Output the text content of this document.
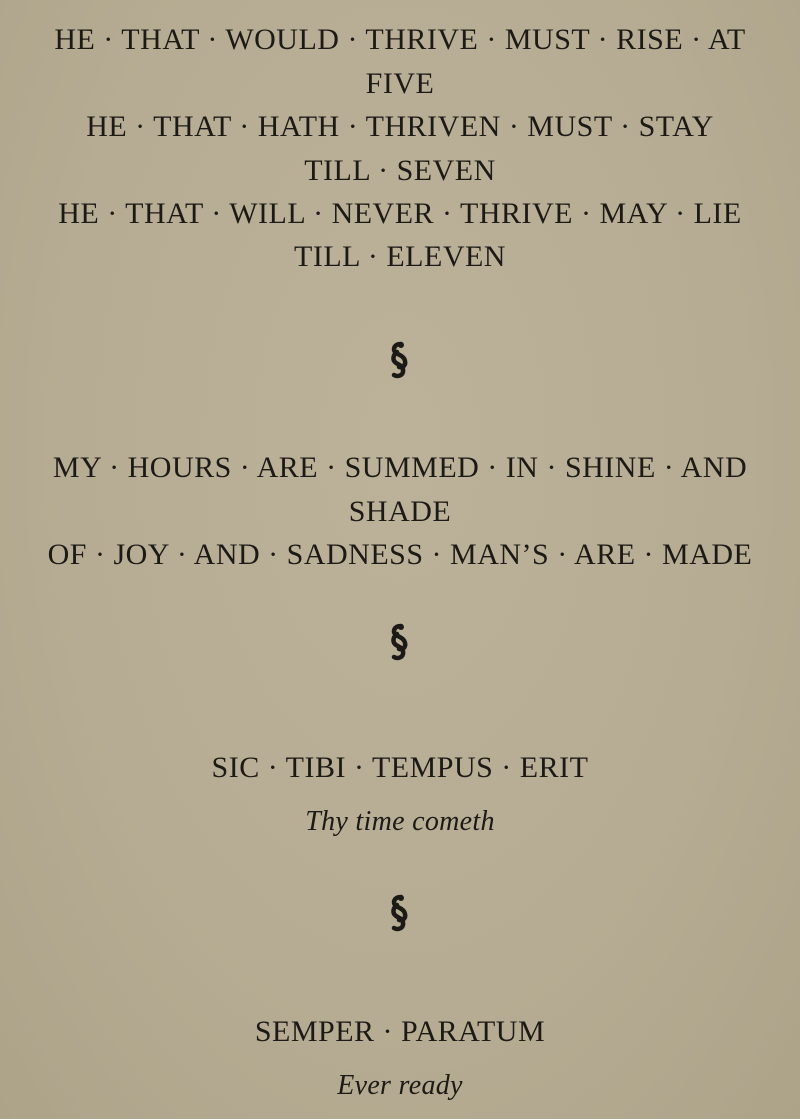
HE · THAT · WOULD · THRIVE · MUST · RISE · AT
FIVE
HE · THAT · HATH · THRIVEN · MUST · STAY
TILL · SEVEN
HE · THAT · WILL · NEVER · THRIVE · MAY · LIE
TILL · ELEVEN
MY · HOURS · ARE · SUMMED · IN · SHINE · AND
SHADE
OF · JOY · AND · SADNESS · MAN’S · ARE · MADE
SIC · TIBI · TEMPUS · ERIT
Thy time cometh
SEMPER · PARATUM
Ever ready
